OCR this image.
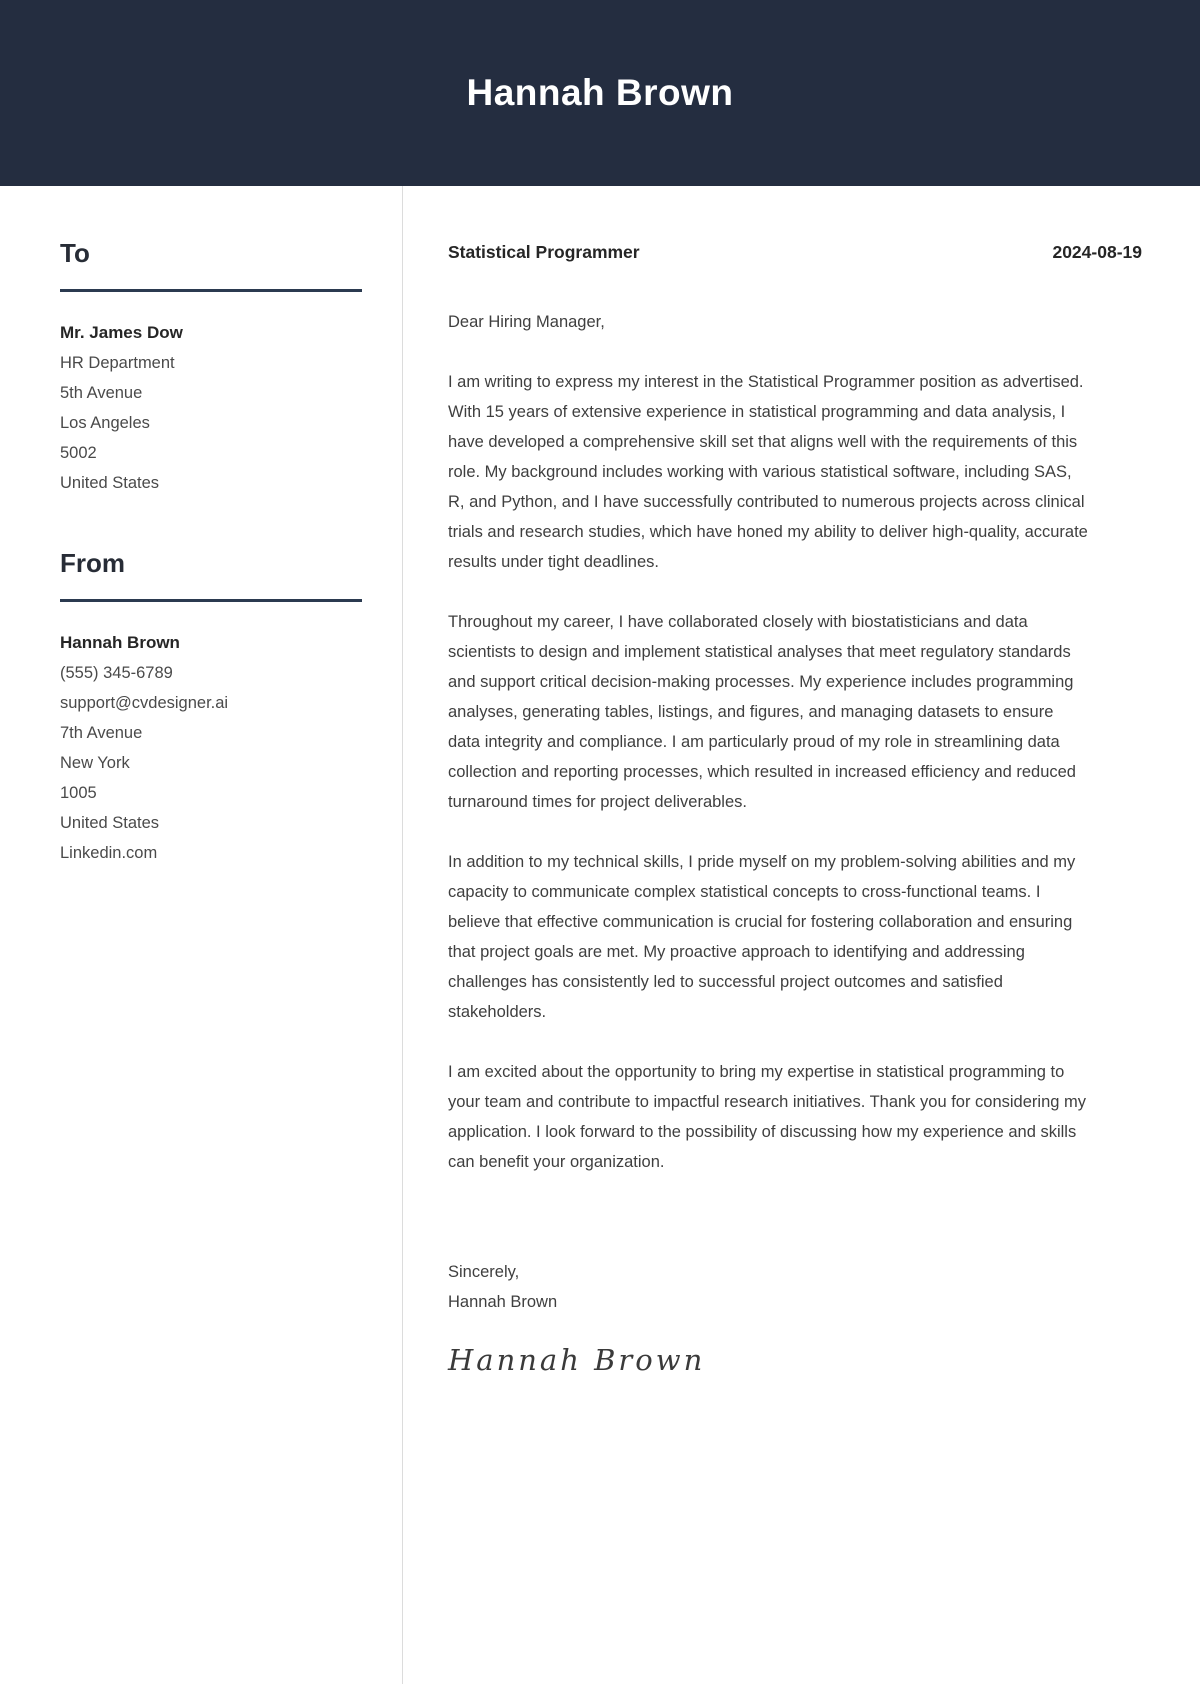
Hannah Brown
To

Mr. James Dow

HR Department

5th Avenue

Los Angeles

5002

United States

From

Hannah Brown

(555) 345-6789

support@cvdesigner.ai

7th Avenue

New York

1005

United States

Linkedin.com

Statistical Programmer	2024-08-19

Dear Hiring Manager,

I am writing to express my interest in the Statistical Programmer position as advertised. With 15 years of extensive experience in statistical programming and data analysis, I have developed a comprehensive skill set that aligns well with the requirements of this role. My background includes working with various statistical software, including SAS, R, and Python, and I have successfully contributed to numerous projects across clinical trials and research studies, which have honed my ability to deliver high-quality, accurate results under tight deadlines.

Throughout my career, I have collaborated closely with biostatisticians and data scientists to design and implement statistical analyses that meet regulatory standards and support critical decision-making processes. My experience includes programming analyses, generating tables, listings, and figures, and managing datasets to ensure data integrity and compliance. I am particularly proud of my role in streamlining data collection and reporting processes, which resulted in increased efficiency and reduced turnaround times for project deliverables.

In addition to my technical skills, I pride myself on my problem-solving abilities and my capacity to communicate complex statistical concepts to cross-functional teams. I believe that effective communication is crucial for fostering collaboration and ensuring that project goals are met. My proactive approach to identifying and addressing challenges has consistently led to successful project outcomes and satisfied stakeholders.

I am excited about the opportunity to bring my expertise in statistical programming to your team and contribute to impactful research initiatives. Thank you for considering my application. I look forward to the possibility of discussing how my experience and skills can benefit your organization.

Sincerely,

Hannah Brown

Hannah Brown
